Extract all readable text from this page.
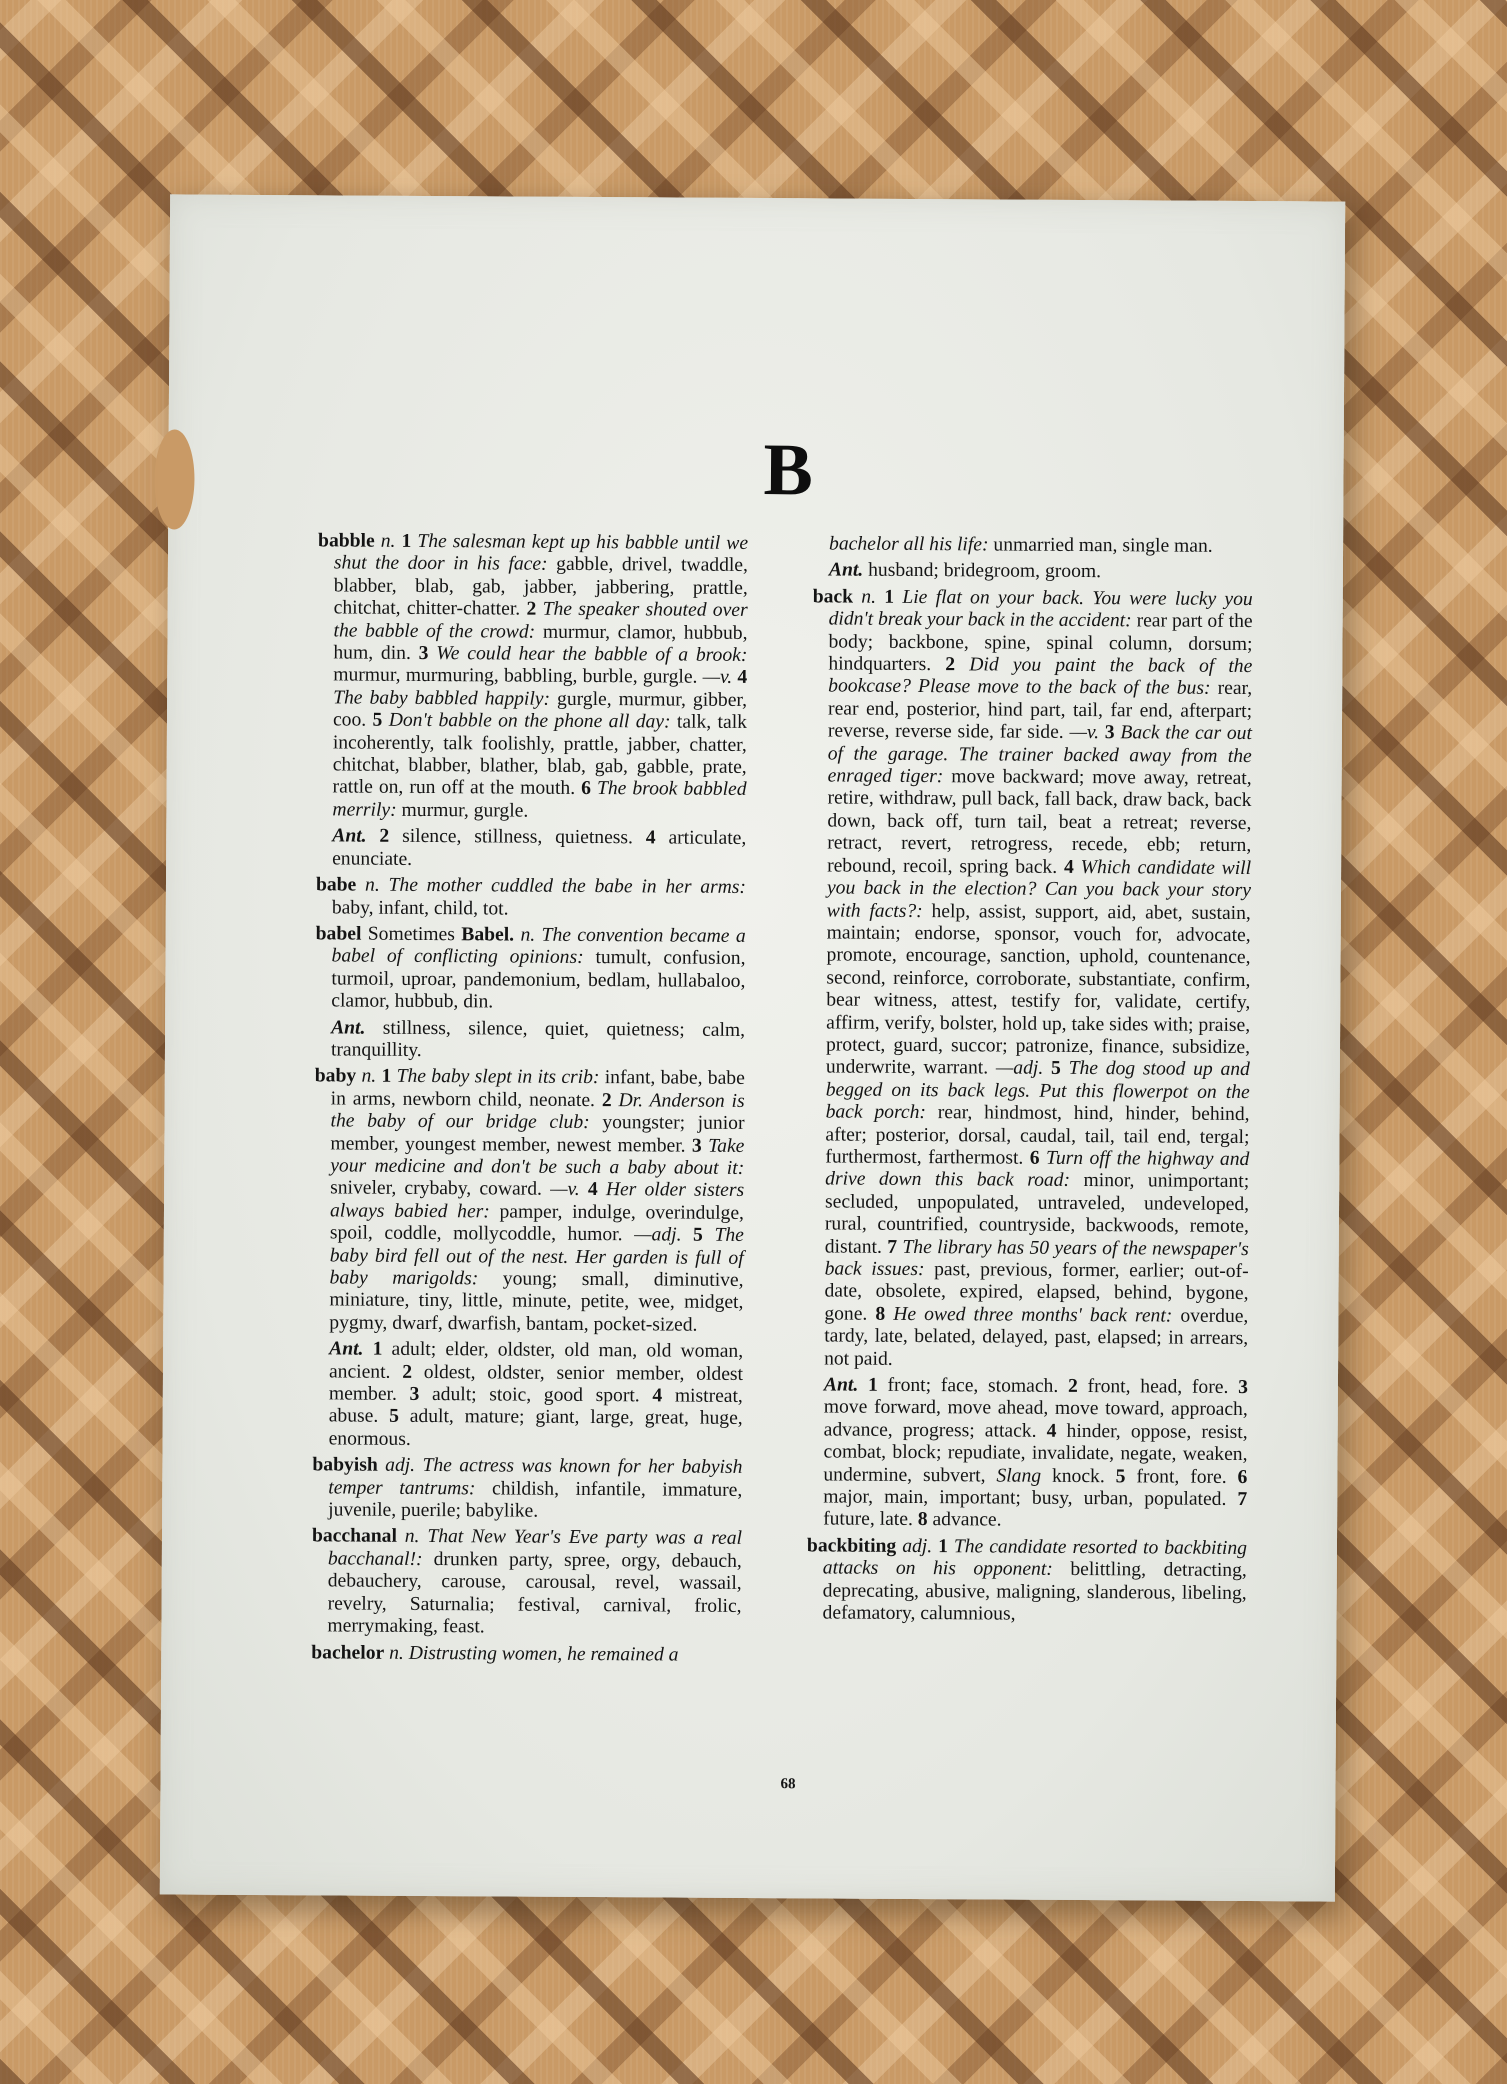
B

babble n. 1 The salesman kept up his babble until we shut the door in his face: gabble, drivel, twaddle, blabber, blab, gab, jabber, jabbering, prattle, chitchat, chitter-chatter. 2 The speaker shouted over the babble of the crowd: murmur, clamor, hubbub, hum, din. 3 We could hear the babble of a brook: murmur, murmuring, babbling, burble, gurgle. —v. 4 The baby babbled happily: gurgle, murmur, gibber, coo. 5 Don't babble on the phone all day: talk, talk incoherently, talk foolishly, prattle, jabber, chatter, chitchat, blabber, blather, blab, gab, gabble, prate, rattle on, run off at the mouth. 6 The brook babbled merrily: murmur, gurgle.

Ant. 2 silence, stillness, quietness. 4 articulate, enunciate.

babe n. The mother cuddled the babe in her arms: baby, infant, child, tot.

babel Sometimes Babel. n. The convention became a babel of conflicting opinions: tumult, confusion, turmoil, uproar, pandemonium, bedlam, hullabaloo, clamor, hubbub, din.

Ant. stillness, silence, quiet, quietness; calm, tranquillity.

baby n. 1 The baby slept in its crib: infant, babe, babe in arms, newborn child, neonate. 2 Dr. Anderson is the baby of our bridge club: youngster; junior member, youngest member, newest member. 3 Take your medicine and don't be such a baby about it: sniveler, crybaby, coward. —v. 4 Her older sisters always babied her: pamper, indulge, overindulge, spoil, coddle, mollycoddle, humor. —adj. 5 The baby bird fell out of the nest. Her garden is full of baby marigolds: young; small, diminutive, miniature, tiny, little, minute, petite, wee, midget, pygmy, dwarf, dwarfish, bantam, pocket-sized.

Ant. 1 adult; elder, oldster, old man, old woman, ancient. 2 oldest, oldster, senior member, oldest member. 3 adult; stoic, good sport. 4 mistreat, abuse. 5 adult, mature; giant, large, great, huge, enormous.

babyish adj. The actress was known for her babyish temper tantrums: childish, infantile, immature, juvenile, puerile; babylike.

bacchanal n. That New Year's Eve party was a real bacchanal!: drunken party, spree, orgy, debauch, debauchery, carouse, carousal, revel, wassail, revelry, Saturnalia; festival, carnival, frolic, merrymaking, feast.

bachelor n. Distrusting women, he remained a

bachelor all his life: unmarried man, single man.

Ant. husband; bridegroom, groom.

back n. 1 Lie flat on your back. You were lucky you didn't break your back in the accident: rear part of the body; backbone, spine, spinal column, dorsum; hindquarters. 2 Did you paint the back of the bookcase? Please move to the back of the bus: rear, rear end, posterior, hind part, tail, far end, afterpart; reverse, reverse side, far side. —v. 3 Back the car out of the garage. The trainer backed away from the enraged tiger: move backward; move away, retreat, retire, withdraw, pull back, fall back, draw back, back down, back off, turn tail, beat a retreat; reverse, retract, revert, retrogress, recede, ebb; return, rebound, recoil, spring back. 4 Which candidate will you back in the election? Can you back your story with facts?: help, assist, support, aid, abet, sustain, maintain; endorse, sponsor, vouch for, advocate, promote, encourage, sanction, uphold, countenance, second, reinforce, corroborate, substantiate, confirm, bear witness, attest, testify for, validate, certify, affirm, verify, bolster, hold up, take sides with; praise, protect, guard, succor; patronize, finance, subsidize, underwrite, warrant. —adj. 5 The dog stood up and begged on its back legs. Put this flowerpot on the back porch: rear, hindmost, hind, hinder, behind, after; posterior, dorsal, caudal, tail, tail end, tergal; furthermost, farthermost. 6 Turn off the highway and drive down this back road: minor, unimportant; secluded, unpopulated, untraveled, undeveloped, rural, countrified, countryside, backwoods, remote, distant. 7 The library has 50 years of the newspaper's back issues: past, previous, former, earlier; out-of-date, obsolete, expired, elapsed, behind, bygone, gone. 8 He owed three months' back rent: overdue, tardy, late, belated, delayed, past, elapsed; in arrears, not paid.

Ant. 1 front; face, stomach. 2 front, head, fore. 3 move forward, move ahead, move toward, approach, advance, progress; attack. 4 hinder, oppose, resist, combat, block; repudiate, invalidate, negate, weaken, undermine, subvert, Slang knock. 5 front, fore. 6 major, main, important; busy, urban, populated. 7 future, late. 8 advance.

backbiting adj. 1 The candidate resorted to backbiting attacks on his opponent: belittling, detracting, deprecating, abusive, maligning, slanderous, libeling, defamatory, calumnious,

68
